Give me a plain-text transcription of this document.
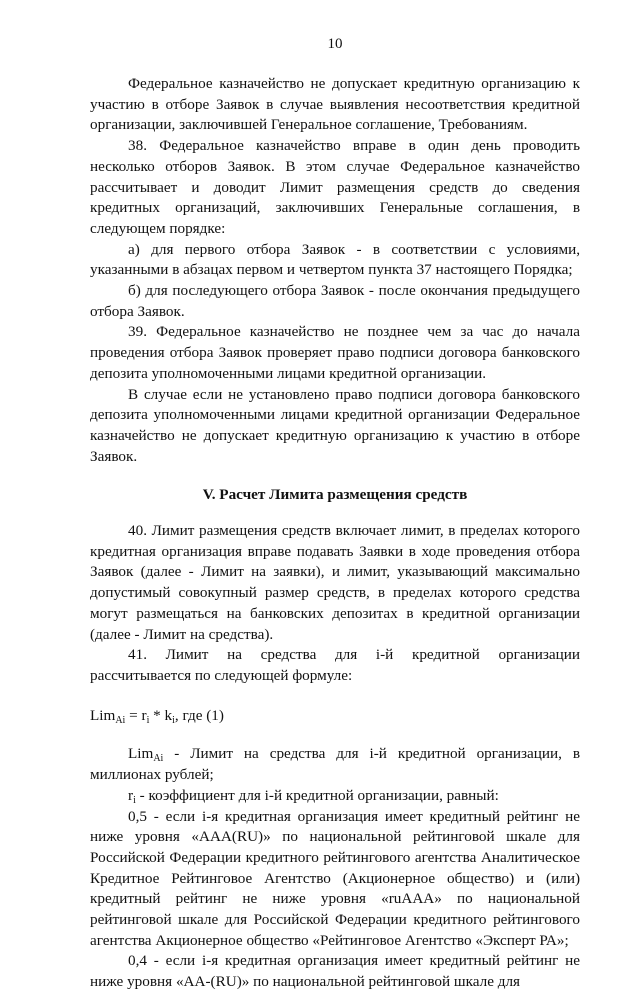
10

Федеральное казначейство не допускает кредитную организацию к участию в отборе Заявок в случае выявления несоответствия кредитной организации, заключившей Генеральное соглашение, Требованиям.

38. Федеральное казначейство вправе в один день проводить несколько отборов Заявок. В этом случае Федеральное казначейство рассчитывает и доводит Лимит размещения средств до сведения кредитных организаций, заключивших Генеральные соглашения, в следующем порядке:

а) для первого отбора Заявок - в соответствии с условиями, указанными в абзацах первом и четвертом пункта 37 настоящего Порядка;

б) для последующего отбора Заявок - после окончания предыдущего отбора Заявок.

39. Федеральное казначейство не позднее чем за час до начала проведения отбора Заявок проверяет право подписи договора банковского депозита уполномоченными лицами кредитной организации.

В случае если не установлено право подписи договора банковского депозита уполномоченными лицами кредитной организации Федеральное казначейство не допускает кредитную организацию к участию в отборе Заявок.

V. Расчет Лимита размещения средств

40. Лимит размещения средств включает лимит, в пределах которого кредитная организация вправе подавать Заявки в ходе проведения отбора Заявок (далее - Лимит на заявки), и лимит, указывающий максимально допустимый совокупный размер средств, в пределах которого средства могут размещаться на банковских депозитах в кредитной организации (далее - Лимит на средства).

41. Лимит на средства для i-й кредитной организации рассчитывается по следующей формуле:

$Lim_{Ai} = r_i * k_i$, где (1)

Lim$_{Ai}$ - Лимит на средства для i-й кредитной организации, в миллионах рублей;

$r_i$ - коэффициент для i-й кредитной организации, равный:

0,5 - если i-я кредитная организация имеет кредитный рейтинг не ниже уровня «AAA(RU)» по национальной рейтинговой шкале для Российской Федерации кредитного рейтингового агентства Аналитическое Кредитное Рейтинговое Агентство (Акционерное общество) и (или) кредитный рейтинг не ниже уровня «ruAAA» по национальной рейтинговой шкале для Российской Федерации кредитного рейтингового агентства Акционерное общество «Рейтинговое Агентство «Эксперт РА»;

0,4 - если i-я кредитная организация имеет кредитный рейтинг не ниже уровня «AA-(RU)» по национальной рейтинговой шкале для
